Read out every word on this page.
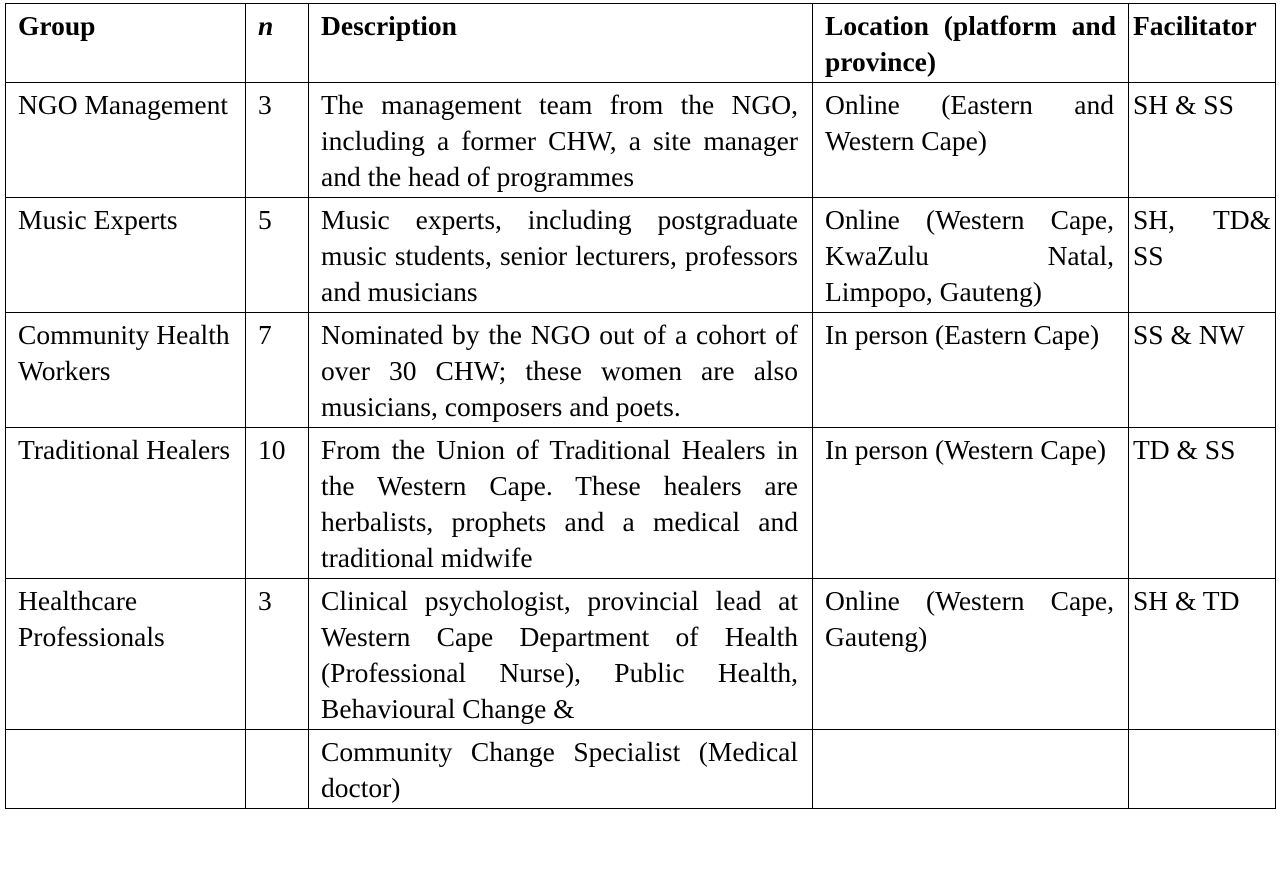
Group	n	Description	Location (platform and province)	Facilitator
NGO Management	3	The management team from the NGO, including a former CHW, a site manager and the head of programmes	Online (Eastern and Western Cape)	SH & SS
Music Experts	5	Music experts, including postgraduate music students, senior lecturers, professors and musicians	Online (Western Cape, KwaZulu Natal, Limpopo, Gauteng)	SH, TD& SS
Community Health Workers	7	Nominated by the NGO out of a cohort of over 30 CHW; these women are also musicians, composers and poets.	In person (Eastern Cape)	SS & NW
Traditional Healers	10	From the Union of Traditional Healers in the Western Cape. These healers are herbalists, prophets and a medical and traditional midwife	In person (Western Cape)	TD & SS
Healthcare Professionals	3	Clinical psychologist, provincial lead at Western Cape Department of Health (Professional Nurse), Public Health, Behavioural Change &	Online (Western Cape, Gauteng)	SH & TD
		Community Change Specialist (Medical doctor)		
